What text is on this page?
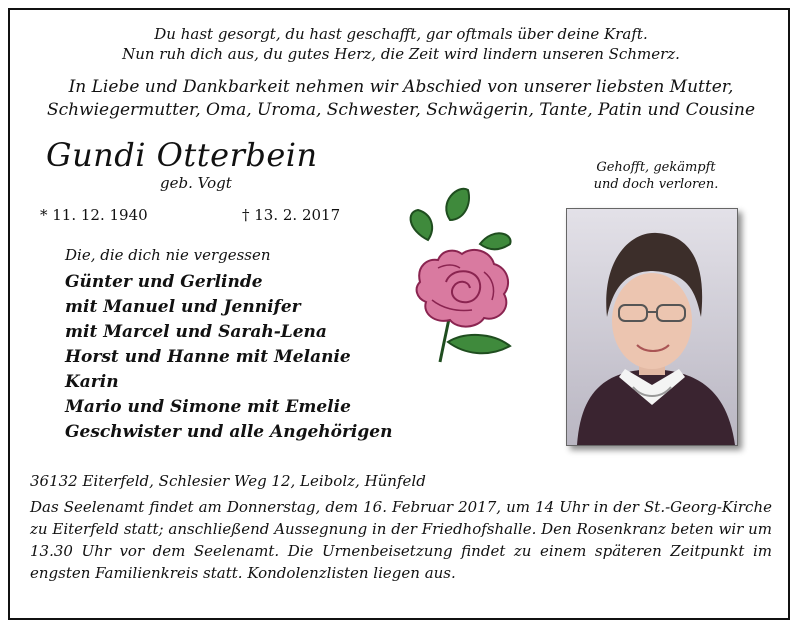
Du hast gesorgt, du hast geschafft, gar oftmals über deine Kraft.
Nun ruh dich aus, du gutes Herz, die Zeit wird lindern unseren Schmerz.
In Liebe und Dankbarkeit nehmen wir Abschied von unserer liebsten Mutter,
Schwiegermutter, Oma, Uroma, Schwester, Schwägerin, Tante, Patin und Cousine
Gundi Otterbein
geb. Vogt
* 11. 12. 1940	† 13. 2. 2017
Die, die dich nie vergessen
Günter und Gerlinde
mit Manuel und Jennifer
mit Marcel und Sarah-Lena
Horst und Hanne mit Melanie
Karin
Mario und Simone mit Emelie
Geschwister und alle Angehörigen
Gehofft, gekämpft
und doch verloren.
36132 Eiterfeld, Schlesier Weg 12, Leibolz, Hünfeld
Das Seelenamt findet am Donnerstag, dem 16. Februar 2017, um 14 Uhr in der St.-Georg-Kirche zu Eiterfeld statt; anschließend Aussegnung in der Friedhofshalle. Den Rosenkranz beten wir um 13.30 Uhr vor dem Seelenamt. Die Urnenbeisetzung findet zu einem späteren Zeitpunkt im engsten Familienkreis statt. Kondolenzlisten liegen aus.
